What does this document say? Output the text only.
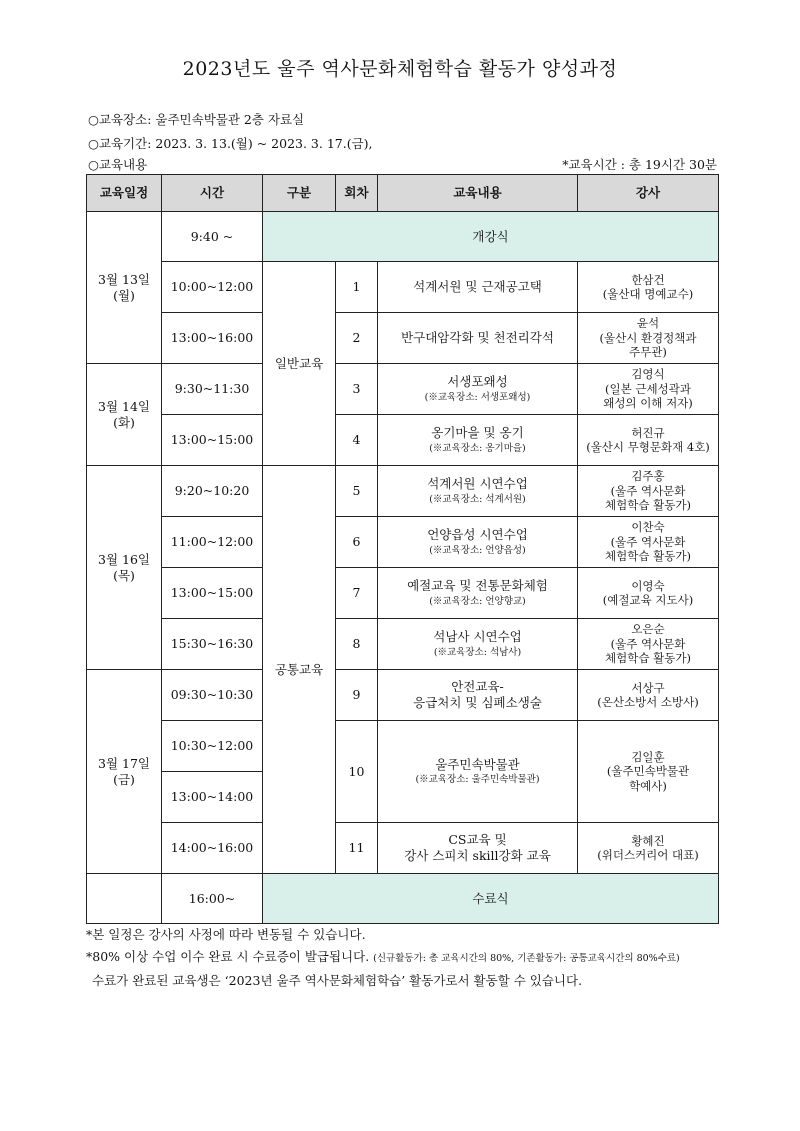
2023년도 울주 역사문화체험학습 활동가 양성과정
○교육장소: 울주민속박물관 2층 자료실
○교육기간: 2023. 3. 13.(월) ~ 2023. 3. 17.(금),
○교육내용	*교육시간 : 총 19시간 30분
교육일정	시간	구분	회차	교육내용	강사
3월 13일
(월)	9:40 ~	개강식			
	10:00~12:00	일반교육	1	석계서원 및 근재공고택	한삼건
(울산대 명예교수)
	13:00~16:00		2	반구대암각화 및 천전리각석	윤석
(울산시 환경정책과
주무관)
3월 14일
(화)	9:30~11:30		3	서생포왜성
(※교육장소: 서생포왜성)	김영식
(일본 근세성곽과
왜성의 이해 저자)
	13:00~15:00		4	옹기마을 및 옹기
(※교육장소: 옹기마을)	허진규
(울산시 무형문화재 4호)
3월 16일
(목)	9:20~10:20	공통교육	5	석계서원 시연수업
(※교육장소: 석계서원)	김주홍
(울주 역사문화
체험학습 활동가)
	11:00~12:00		6	언양읍성 시연수업
(※교육장소: 언양읍성)	이찬숙
(울주 역사문화
체험학습 활동가)
	13:00~15:00		7	예절교육 및 전통문화체험
(※교육장소: 언양향교)	이영숙
(예절교육 지도사)
	15:30~16:30		8	석남사 시연수업
(※교육장소: 석남사)	오은순
(울주 역사문화
체험학습 활동가)
3월 17일
(금)	09:30~10:30		9	안전교육-
응급처치 및 심폐소생술	서상구
(온산소방서 소방사)
	10:30~12:00		10	울주민속박물관
(※교육장소: 울주민속박물관)	김일훈
(울주민속박물관
학예사)
	13:00~14:00				
	14:00~16:00		11	CS교육 및
강사 스피치 skill강화 교육	황혜진
(위더스커리어 대표)
	16:00~	수료식			
*본 일정은 강사의 사정에 따라 변동될 수 있습니다.
*80% 이상 수업 이수 완료 시 수료증이 발급됩니다. (신규활동가: 총 교육시간의 80%, 기존활동가: 공통교육시간의 80%수료)
수료가 완료된 교육생은 ‘2023년 울주 역사문화체험학습’ 활동가로서 활동할 수 있습니다.
